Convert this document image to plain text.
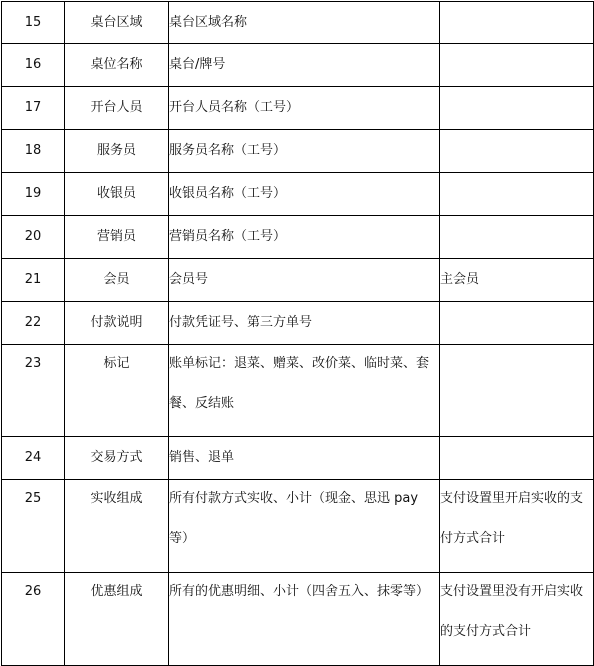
15	桌台区域	桌台区域名称	
16	桌位名称	桌台/牌号	
17	开台人员	开台人员名称（工号）	
18	服务员	服务员名称（工号）	
19	收银员	收银员名称（工号）	
20	营销员	营销员名称（工号）	
21	会员	会员号	主会员
22	付款说明	付款凭证号、第三方单号	
23	标记	账单标记：退菜、赠菜、改价菜、临时菜、套餐、反结账	

24	交易方式	销售、退单	
25	实收组成	所有付款方式实收、小计（现金、思迅 pay 等）	支付设置里开启实收的支付方式合计

26	优惠组成	所有的优惠明细、小计（四舍五入、抹零等）	支付设置里没有开启实收的支付方式合计
